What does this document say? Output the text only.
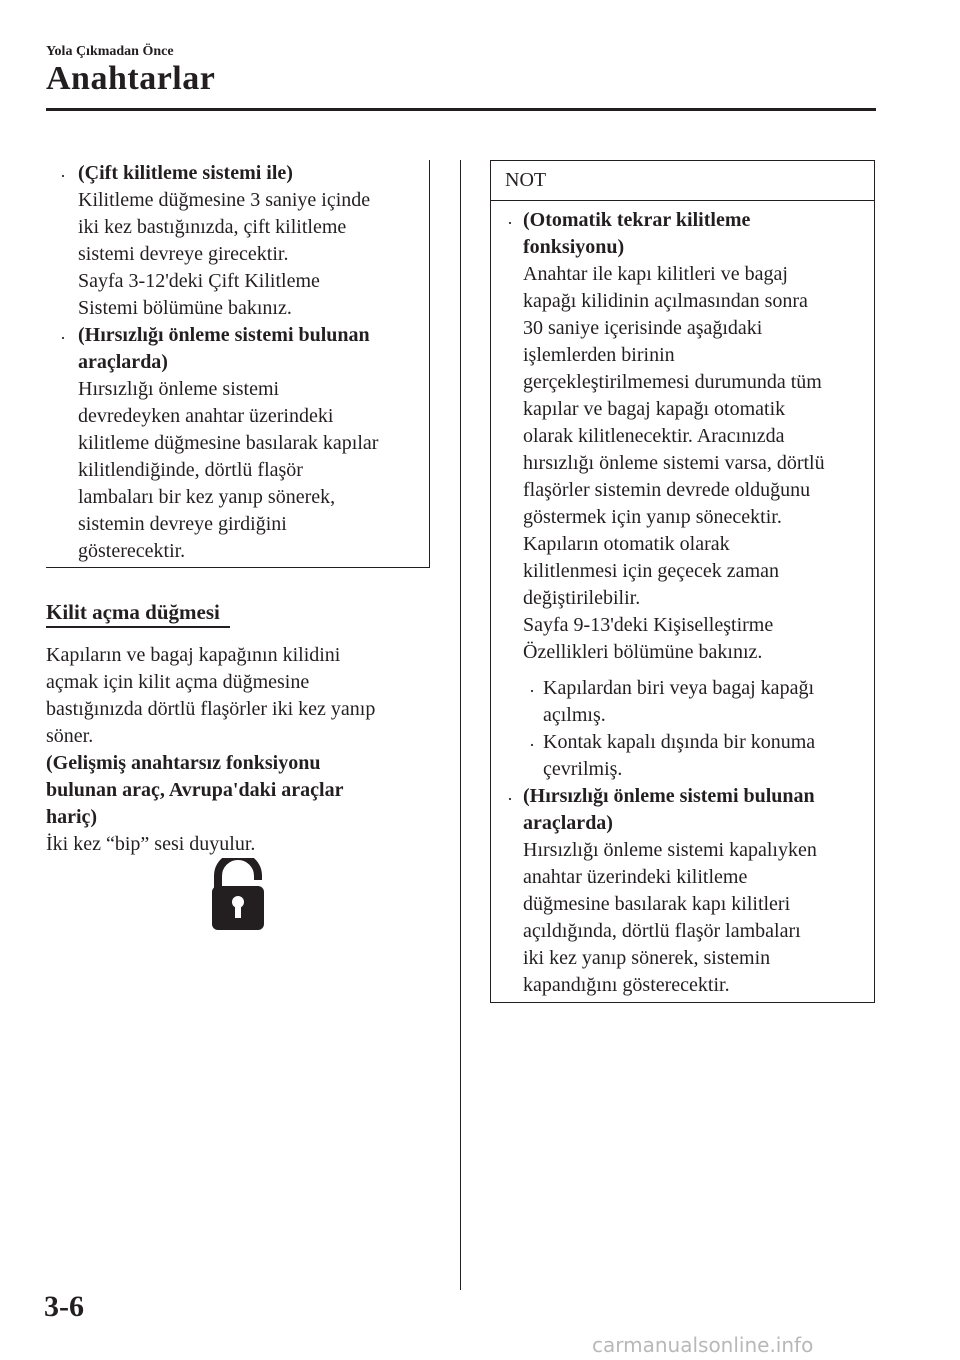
Yola Çıkmadan Önce
Anahtarlar
· (Çift kilitleme sistemi ile)
Kilitleme düğmesine 3 saniye içinde
iki kez bastığınızda, çift kilitleme
sistemi devreye girecektir.
Sayfa 3-12'deki Çift Kilitleme
Sistemi bölümüne bakınız.
· (Hırsızlığı önleme sistemi bulunan
araçlarda)
Hırsızlığı önleme sistemi
devredeyken anahtar üzerindeki
kilitleme düğmesine basılarak kapılar
kilitlendiğinde, dörtlü flaşör
lambaları bir kez yanıp sönerek,
sistemin devreye girdiğini
gösterecektir.
Kilit açma düğmesi
Kapıların ve bagaj kapağının kilidini
açmak için kilit açma düğmesine
bastığınızda dörtlü flaşörler iki kez yanıp
söner.
(Gelişmiş anahtarsız fonksiyonu
bulunan araç, Avrupa'daki araçlar
hariç)
İki kez “bip” sesi duyulur.
NOT
· (Otomatik tekrar kilitleme
fonksiyonu)
Anahtar ile kapı kilitleri ve bagaj
kapağı kilidinin açılmasından sonra
30 saniye içerisinde aşağıdaki
işlemlerden birinin
gerçekleştirilmemesi durumunda tüm
kapılar ve bagaj kapağı otomatik
olarak kilitlenecektir. Aracınızda
hırsızlığı önleme sistemi varsa, dörtlü
flaşörler sistemin devrede olduğunu
göstermek için yanıp sönecektir.
Kapıların otomatik olarak
kilitlenmesi için geçecek zaman
değiştirilebilir.
Sayfa 9-13'deki Kişiselleştirme
Özellikleri bölümüne bakınız.
· Kapılardan biri veya bagaj kapağı
açılmış.
· Kontak kapalı dışında bir konuma
çevrilmiş.
· (Hırsızlığı önleme sistemi bulunan
araçlarda)
Hırsızlığı önleme sistemi kapalıyken
anahtar üzerindeki kilitleme
düğmesine basılarak kapı kilitleri
açıldığında, dörtlü flaşör lambaları
iki kez yanıp sönerek, sistemin
kapandığını gösterecektir.
3-6
carmanualsonline.info
